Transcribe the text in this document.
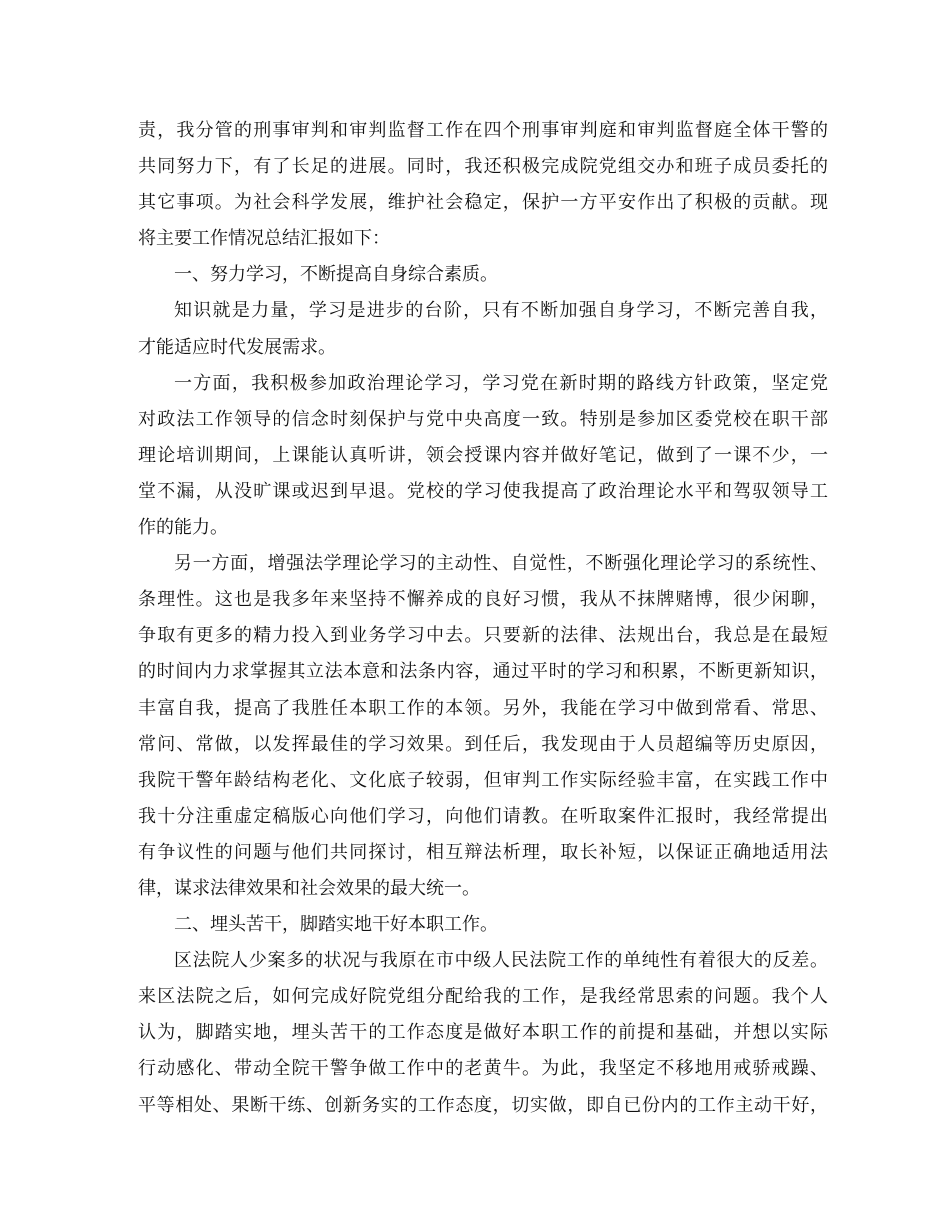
责，我分管的刑事审判和审判监督工作在四个刑事审判庭和审判监督庭全体干警的
共同努力下，有了长足的进展。同时，我还积极完成院党组交办和班子成员委托的
其它事项。为社会科学发展，维护社会稳定，保护一方平安作出了积极的贡献。现
将主要工作情况总结汇报如下：
一、努力学习，不断提高自身综合素质。
知识就是力量，学习是进步的台阶，只有不断加强自身学习，不断完善自我，
才能适应时代发展需求。
一方面，我积极参加政治理论学习，学习党在新时期的路线方针政策，坚定党
对政法工作领导的信念时刻保护与党中央高度一致。特别是参加区委党校在职干部
理论培训期间，上课能认真听讲，领会授课内容并做好笔记，做到了一课不少，一
堂不漏，从没旷课或迟到早退。党校的学习使我提高了政治理论水平和驾驭领导工
作的能力。
另一方面，增强法学理论学习的主动性、自觉性，不断强化理论学习的系统性、
条理性。这也是我多年来坚持不懈养成的良好习惯，我从不抹牌赌博，很少闲聊，
争取有更多的精力投入到业务学习中去。只要新的法律、法规出台，我总是在最短
的时间内力求掌握其立法本意和法条内容，通过平时的学习和积累，不断更新知识，
丰富自我，提高了我胜任本职工作的本领。另外，我能在学习中做到常看、常思、
常问、常做，以发挥最佳的学习效果。到任后，我发现由于人员超编等历史原因，
我院干警年龄结构老化、文化底子较弱，但审判工作实际经验丰富，在实践工作中
我十分注重虚定稿版心向他们学习，向他们请教。在听取案件汇报时，我经常提出
有争议性的问题与他们共同探讨，相互辩法析理，取长补短，以保证正确地适用法
律，谋求法律效果和社会效果的最大统一。
二、埋头苦干，脚踏实地干好本职工作。
区法院人少案多的状况与我原在市中级人民法院工作的单纯性有着很大的反差。
来区法院之后，如何完成好院党组分配给我的工作，是我经常思索的问题。我个人
认为，脚踏实地，埋头苦干的工作态度是做好本职工作的前提和基础，并想以实际
行动感化、带动全院干警争做工作中的老黄牛。为此，我坚定不移地用戒骄戒躁、
平等相处、果断干练、创新务实的工作态度，切实做，即自已份内的工作主动干好，
